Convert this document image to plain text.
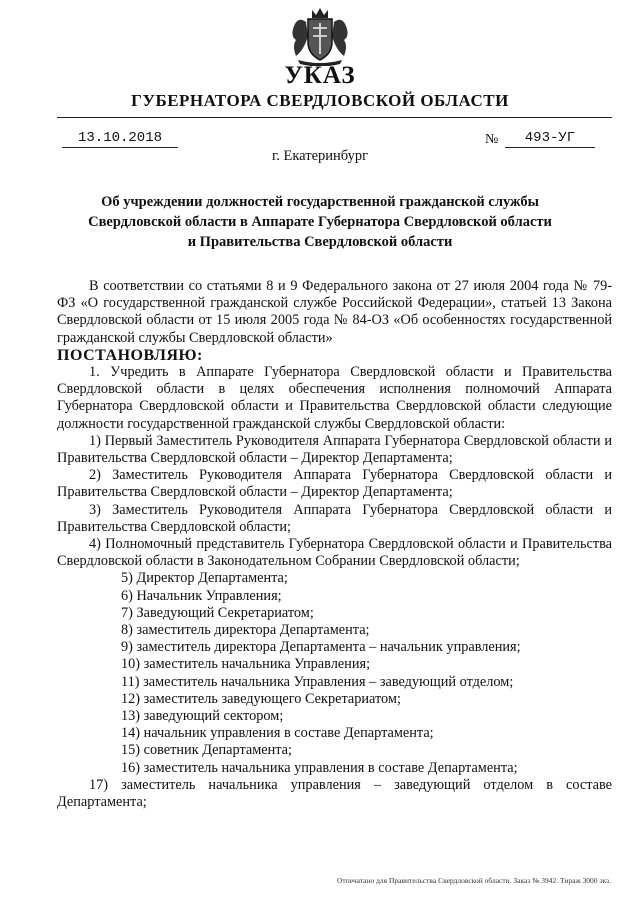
УКАЗ
ГУБЕРНАТОРА СВЕРДЛОВСКОЙ ОБЛАСТИ
13.10.2018	№	493-УГ
г. Екатеринбург
Об учреждении должностей государственной гражданской службы
Свердловской области в Аппарате Губернатора Свердловской области
и Правительства Свердловской области

В соответствии со статьями 8 и 9 Федерального закона от 27 июля 2004 года № 79-ФЗ «О государственной гражданской службе Российской Федерации», статьей 13 Закона Свердловской области от 15 июля 2005 года № 84-ОЗ «Об особенностях государственной гражданской службы Свердловской области»

ПОСТАНОВЛЯЮ:

1. Учредить в Аппарате Губернатора Свердловской области и Правительства Свердловской области в целях обеспечения исполнения полномочий Аппарата Губернатора Свердловской области и Правительства Свердловской области следующие должности государственной гражданской службы Свердловской области:

1) Первый Заместитель Руководителя Аппарата Губернатора Свердловской области и Правительства Свердловской области – Директор Департамента;

2) Заместитель Руководителя Аппарата Губернатора Свердловской области и Правительства Свердловской области – Директор Департамента;

3) Заместитель Руководителя Аппарата Губернатора Свердловской области и Правительства Свердловской области;

4) Полномочный представитель Губернатора Свердловской области и Правительства Свердловской области в Законодательном Собрании Свердловской области;

5) Директор Департамента;

6) Начальник Управления;

7) Заведующий Секретариатом;

8) заместитель директора Департамента;

9) заместитель директора Департамента – начальник управления;

10) заместитель начальника Управления;

11) заместитель начальника Управления – заведующий отделом;

12) заместитель заведующего Секретариатом;

13) заведующий сектором;

14) начальник управления в составе Департамента;

15) советник Департамента;

16) заместитель начальника управления в составе Департамента;

17) заместитель начальника управления – заведующий отделом в составе Департамента;

Отпечатано для Правительства Свердловской области. Заказ № 3942. Тираж 3000 экз.
